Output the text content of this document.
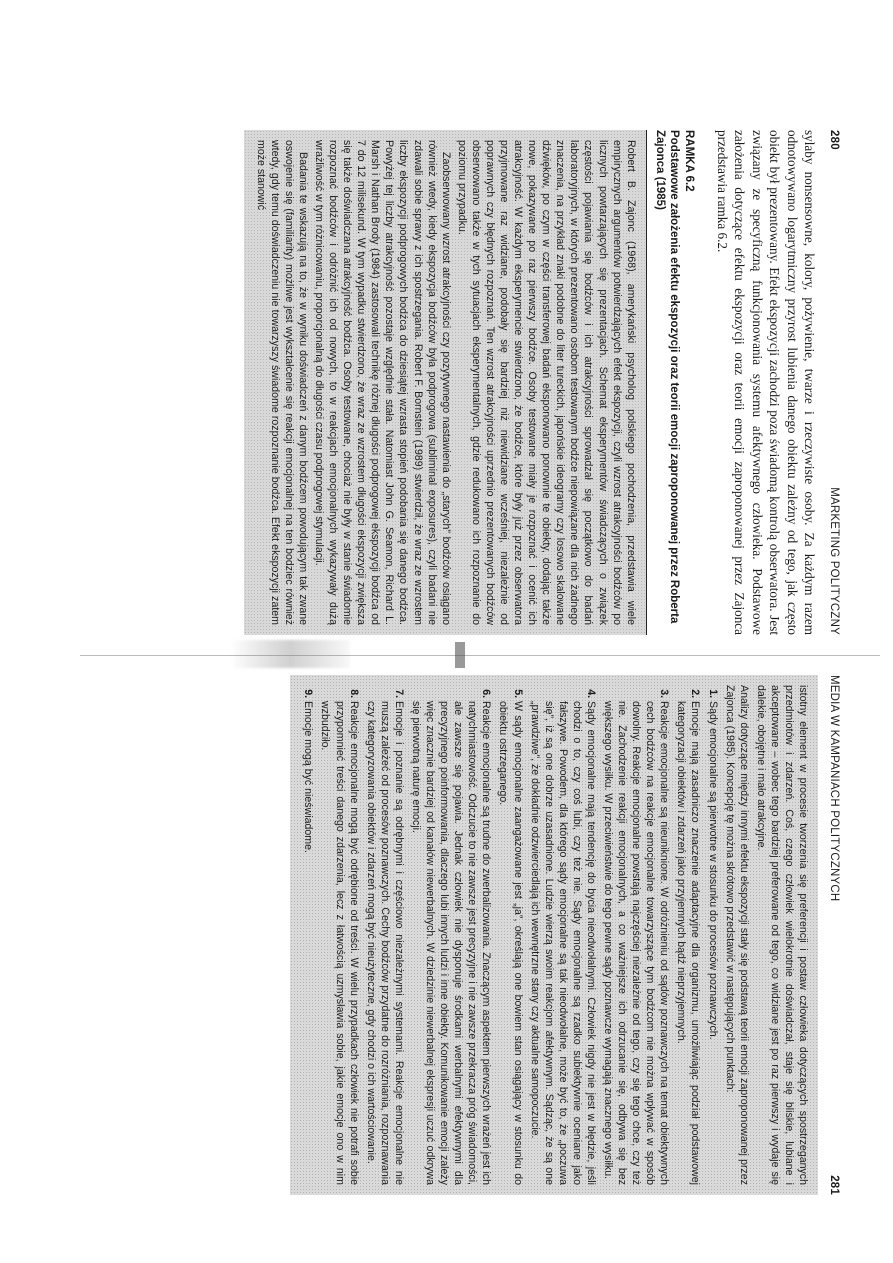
280
MARKETING POLITYCZNY

sylaby nonsensowne, kolory, pożywienie, twarze i rzeczywiste osoby. Za każdym razem odnotowywano logarytmiczny przyrost lubienia danego obiektu zależny od tego, jak często obiekt był prezentowany. Efekt ekspozycji zachodzi poza świadomą kontrolą obserwatora. Jest związany ze specyficzną funkcjonowania systemu afektywnego człowieka. Podstawowe założenia dotyczące efektu ekspozycji oraz teorii emocji zaproponowanej przez Zajonca przedstawia ramka 6.2.

RAMKA 6.2
Podstawowe założenia efektu ekspozycji oraz teorii emocji zaproponowanej przez Roberta Zajonca (1985)

Robert B. Zajonc (1968), amerykański psycholog polskiego pochodzenia, przedstawia wiele empirycznych argumentów potwierdzających efekt ekspozycji, czyli wzrost atrakcyjności bodźców po licznych powtarzających się prezentacjach. Schemat eksperymentów świadczących o związek częstości pojawiania się bodźców i ich atrakcyjności sprowadzał się początkowo do badań laboratoryjnych, w których prezentowano osobom testowanym bodźce niepowiązane dla nich żadnego znaczenia, na przykład znaki podobne do liter tureckich, japońskie ideogramy czy losowo skalowane dźwięków, po czym w części transferowej badań eksponowano ponownie te obiekty, dodając także nowe, pokazywane po raz pierwszy bodźce. Osoby testowane miały je rozpoznać i ocenić ich atrakcyjność. W każdym eksperymencie stwierdzono, że bodźce, które były już przez obserwatora przyjmowane raz widziane, podobały się bardziej niż niewidziane wcześniej, niezależnie od poprawnych czy błędnych rozpoznań. Ten wzrost atrakcyjności uprzednio prezentowanych bodźców obserwowano także w tych sytuacjach eksperymentalnych, gdzie redukowano ich rozpoznanie do poziomu przypadku.

Zaobserwowany wzrost atrakcyjności czy pozytywnego nastawienia do „starych” bodźców osiągano również wtedy, kiedy ekspozycja bodźców była podprogowa (subliminal exposures), czyli badani nie zdawali sobie sprawy z ich spostrzegania. Robert F. Bornstein (1989) stwierdził, że wraz ze wzrostem liczby ekspozycji podprogowych bodźca do dziesiątej wzrasta stopień podobania się danego bodźca. Powyżej tej liczby atrakcyjność pozostaje względnie stała. Natomiast John G. Seamon, Richard L. Marsh i Nathan Brody (1984) zastosowali technikę różnej długości podprogowej ekspozycji bodźca od 7 do 12 milisekund. W tym wypadku stwierdzono, że wraz ze wzrostem długości ekspozycji zwiększa się także doświadczana atrakcyjność bodźca. Osoby testowane, chociaż nie były w stanie świadomie rozpoznać bodźców i odróżnić ich od nowych, to w reakcjach emocjonalnych wykazywały dużą wrażliwość w tym różnicowaniu, proporcjonalną do długości czasu podprogowej stymulacji.

Badania te wskazują na to, że w wyniku doświadczeń z danym bodźcem powodującym tak zwane oswojenie się (familiarity) możliwe jest wykształcenie się reakcji emocjonalnej na ten bodziec również wtedy, gdy temu doświadczeniu nie towarzyszy świadome rozpoznanie bodźca. Efekt ekspozycji zatem może stanowić

MEDIA W KAMPANIACH POLITYCZNYCH
281

istotny element w procesie tworzenia się preferencji i postaw człowieka dotyczących spostrzeganych przedmiotów i zdarzeń. Coś, czego człowiek wielokrotnie doświadczał, staje się bliskie, lubiane i akceptowane – wobec tego bardziej preferowane od tego, co widziane jest po raz pierwszy i wydaje się dalekie, obojętne i mało atrakcyjne.

Analizy dotyczące między innymi efektu ekspozycji stały się podstawą teorii emocji zaproponowanej przez Zajonca (1985). Koncepcję tę można skrótowo przedstawić w następujących punktach:

1. Sądy emocjonalne są pierwotne w stosunku do procesów poznawczych.
2. Emocje mają zasadniczo znaczenie adaptacyjne dla organizmu, umożliwiając podział podstawowej kategoryzacji obiektów i zdarzeń jako przyjemnych bądź nieprzyjemnych.
3. Reakcje emocjonalne są nieuniknione. W odróżnieniu od sądów poznawczych na temat obiektywnych cech bodźców na reakcje emocjonalne towarzyszące tym bodźcom nie można wpływać w sposób dowolny. Reakcje emocjonalne powstają najczęściej niezależnie od tego, czy się tego chce, czy też nie. Zachodzenie reakcji emocjonalnych, a co ważniejsze ich odrzucanie się, odbywa się bez większego wysiłku. W przeciwieństwie do tego pewne sądy poznawcze wymagają znacznego wysiłku.
4. Sądy emocjonalne mają tendencję do bycia nieodwołalnymi. Człowiek nigdy nie jest w błędzie, jeśli chodzi o to, czy coś lubi, czy też nie. Sądy emocjonalne są rzadko subiektywnie oceniane jako fałszywe. Powodem, dla którego sądy emocjonalne są tak nieodwołalne, może być to, że „poczuwa się”, iż są one dobrze uzasadnione. Ludzie wierzą swoim reakcjom afektywnym. Sądząc, że są one „prawdziwe”, że dokładnie odzwierciedlają ich wewnętrzne stany czy aktualne samopoczucie.
5. W sądy emocjonalne zaangażowane jest „ja”, określają one bowiem stan osiągający w stosunku do obiektu ostrzeganego.
6. Reakcje emocjonalne są trudne do zwerbalizowania. Znaczącym aspektem pierwszych wrażeń jest ich natychmiastowość. Odczucie to nie zawsze jest precyzyjne i nie zawsze przekracza próg świadomości, ale zawsze się pojawia. Jednak człowiek nie dysponuje środkami werbalnymi efektywnymi dla precyzyjnego poinformowania, dlaczego lubi innych ludzi i inne obiekty. Komunikowanie emocji zależy więc znacznie bardziej od kanałów niewerbalnych. W dziedzinie niewerbalnej ekspresji uczuć odkrywa się pierwotną naturę emocji.
7. Emocje i poznanie są odrębnymi i częściowo niezależnymi systemami. Reakcje emocjonalne nie muszą zależeć od procesów poznawczych. Cechy bodźców przydatne do rozróżniania, rozpoznawania czy kategoryzowania obiektów i zdarzeń mogą być nieużyteczne, gdy chodzi o ich wartościowanie.
8. Reakcje emocjonalne mogą być odrębione od treści. W wielu przypadkach człowiek nie potrafi sobie przypomnieć treści danego zdarzenia, lecz z łatwością uzmysławia sobie, jakie emocje ono w nim wzbudziło.
9. Emocje mogą być nieświadome.
